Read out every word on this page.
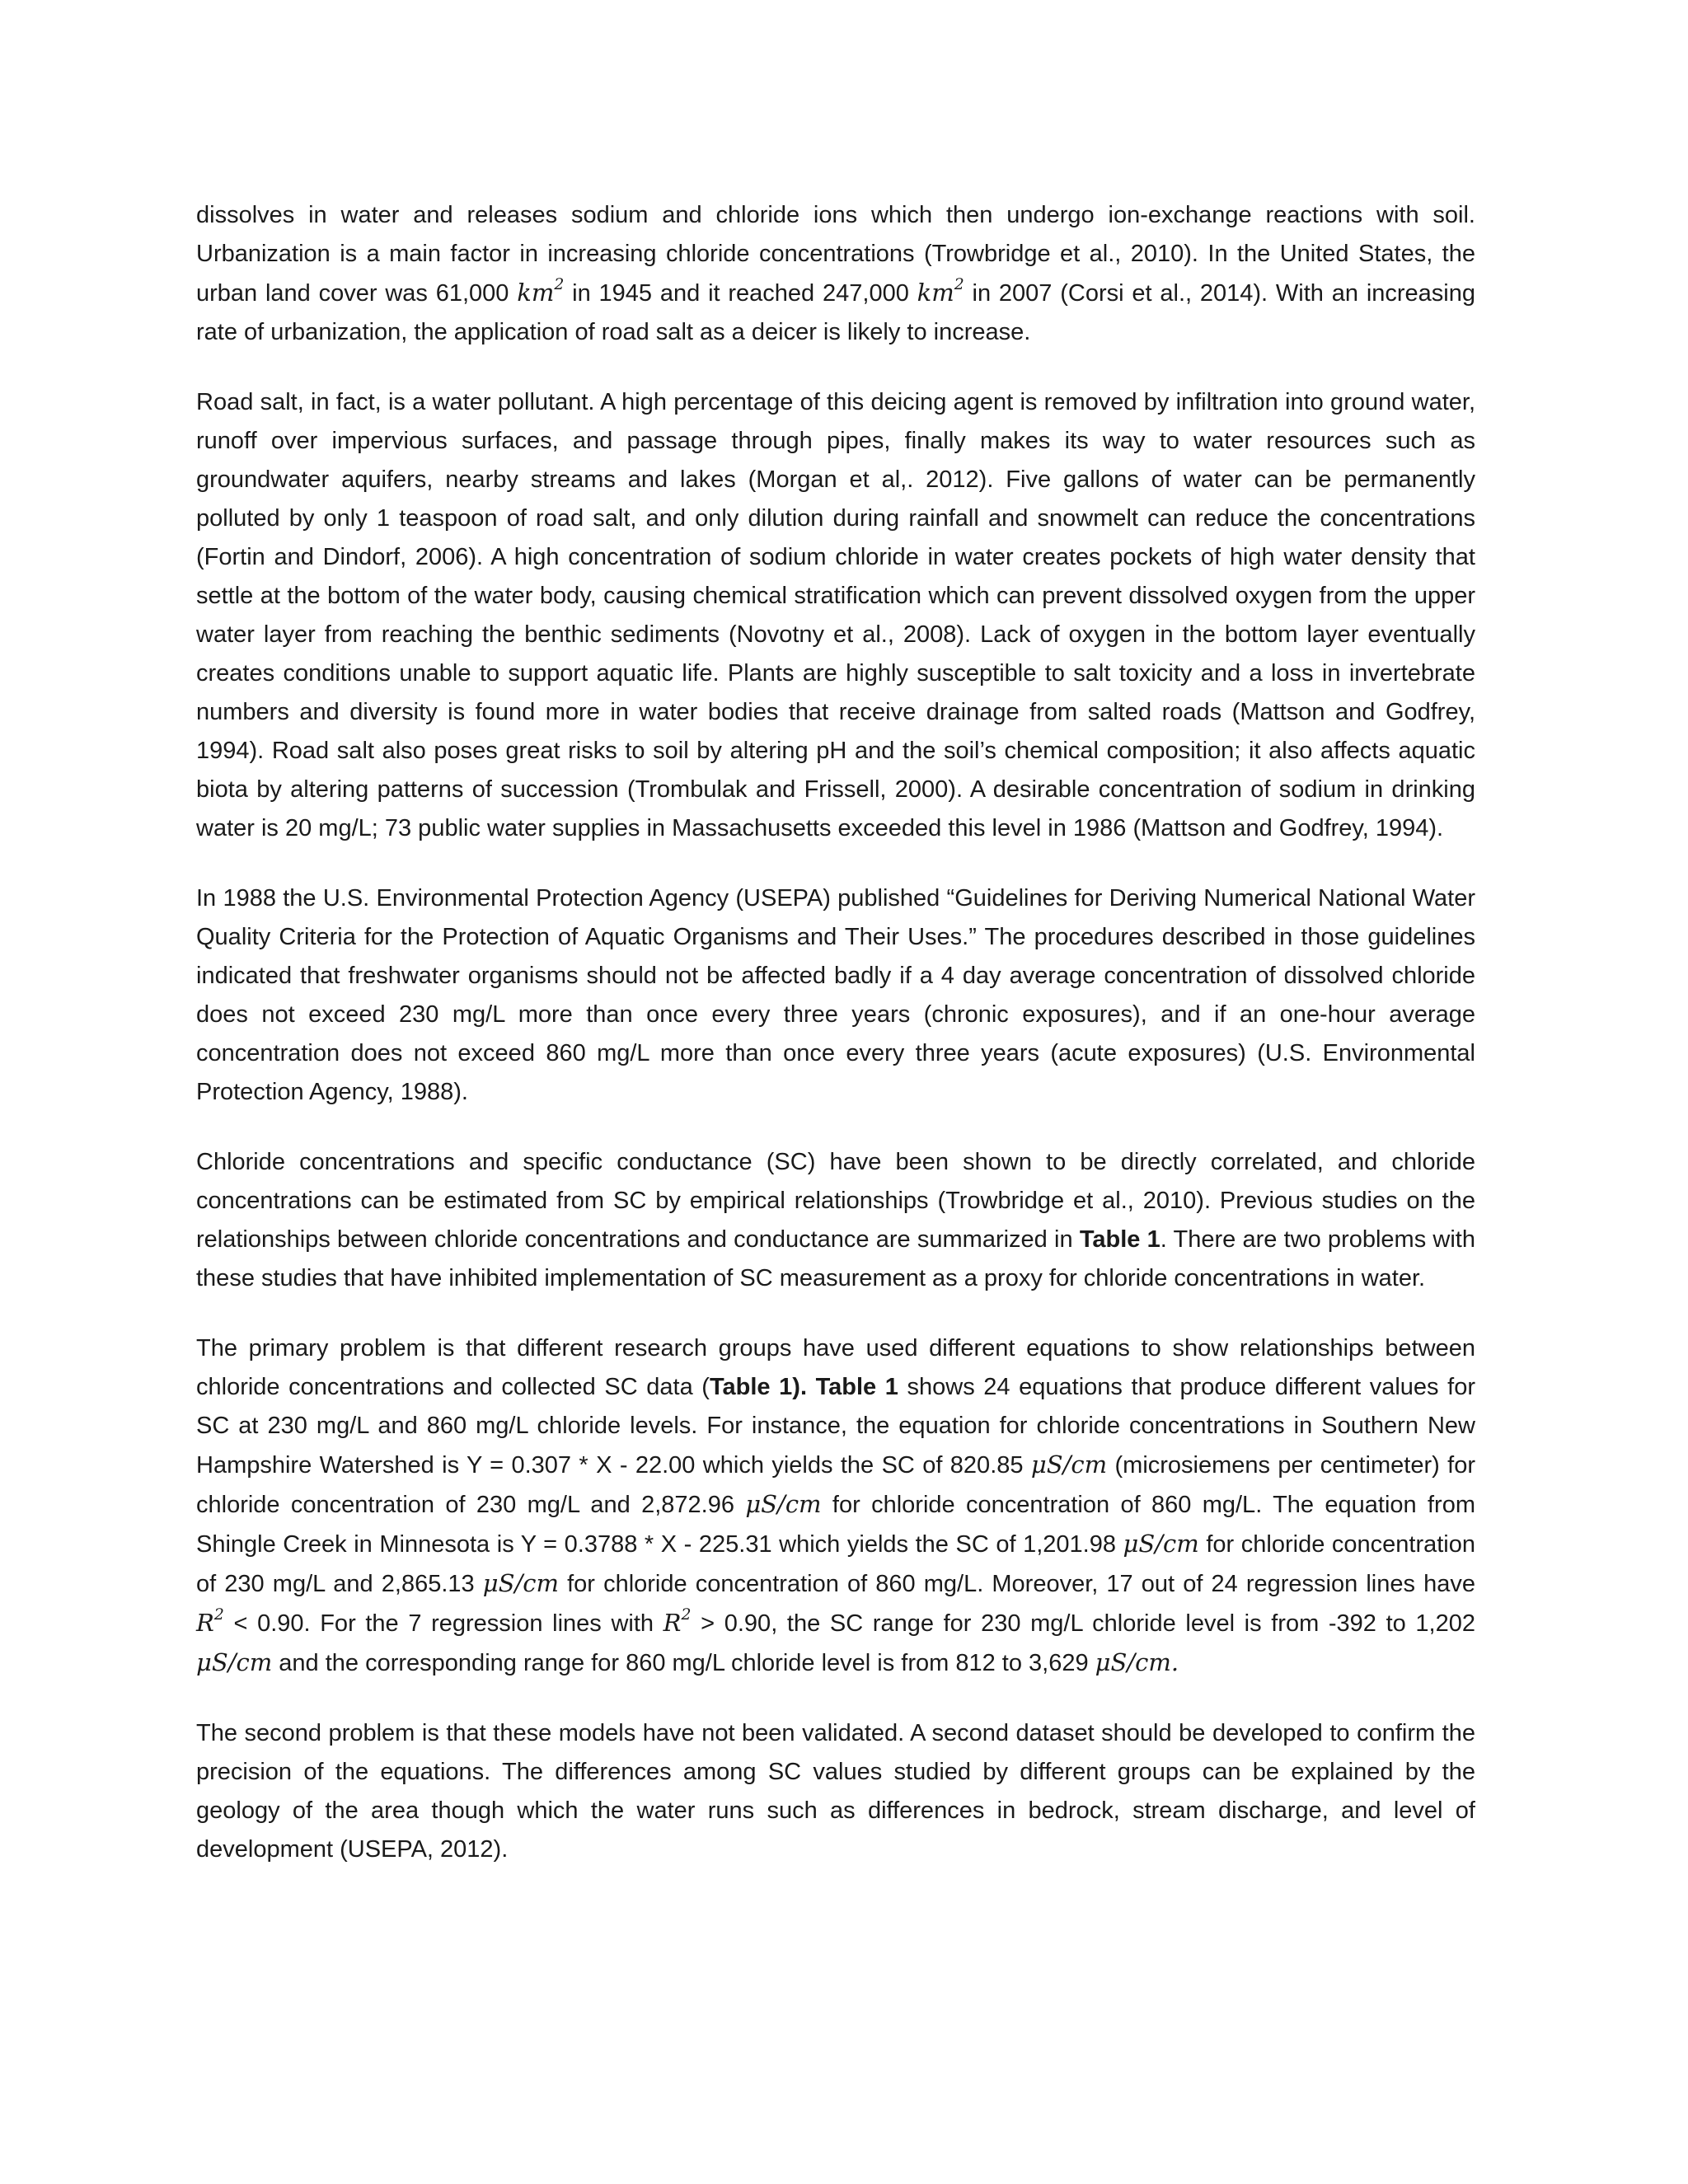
dissolves in water and releases sodium and chloride ions which then undergo ion-exchange reactions with soil. Urbanization is a main factor in increasing chloride concentrations (Trowbridge et al., 2010). In the United States, the urban land cover was 61,000 $km^2$ in 1945 and it reached 247,000 $km^2$ in 2007 (Corsi et al., 2014). With an increasing rate of urbanization, the application of road salt as a deicer is likely to increase.

Road salt, in fact, is a water pollutant. A high percentage of this deicing agent is removed by infiltration into ground water, runoff over impervious surfaces, and passage through pipes, finally makes its way to water resources such as groundwater aquifers, nearby streams and lakes (Morgan et al,. 2012). Five gallons of water can be permanently polluted by only 1 teaspoon of road salt, and only dilution during rainfall and snowmelt can reduce the concentrations (Fortin and Dindorf, 2006). A high concentration of sodium chloride in water creates pockets of high water density that settle at the bottom of the water body, causing chemical stratification which can prevent dissolved oxygen from the upper water layer from reaching the benthic sediments (Novotny et al., 2008). Lack of oxygen in the bottom layer eventually creates conditions unable to support aquatic life. Plants are highly susceptible to salt toxicity and a loss in invertebrate numbers and diversity is found more in water bodies that receive drainage from salted roads (Mattson and Godfrey, 1994). Road salt also poses great risks to soil by altering pH and the soil’s chemical composition; it also affects aquatic biota by altering patterns of succession (Trombulak and Frissell, 2000). A desirable concentration of sodium in drinking water is 20 mg/L; 73 public water supplies in Massachusetts exceeded this level in 1986 (Mattson and Godfrey, 1994).

In 1988 the U.S. Environmental Protection Agency (USEPA) published “Guidelines for Deriving Numerical National Water Quality Criteria for the Protection of Aquatic Organisms and Their Uses.” The procedures described in those guidelines indicated that freshwater organisms should not be affected badly if a 4 day average concentration of dissolved chloride does not exceed 230 mg/L more than once every three years (chronic exposures), and if an one-hour average concentration does not exceed 860 mg/L more than once every three years (acute exposures) (U.S. Environmental Protection Agency, 1988).

Chloride concentrations and specific conductance (SC) have been shown to be directly correlated, and chloride concentrations can be estimated from SC by empirical relationships (Trowbridge et al., 2010). Previous studies on the relationships between chloride concentrations and conductance are summarized in Table 1. There are two problems with these studies that have inhibited implementation of SC measurement as a proxy for chloride concentrations in water.

The primary problem is that different research groups have used different equations to show relationships between chloride concentrations and collected SC data (Table 1). Table 1 shows 24 equations that produce different values for SC at 230 mg/L and 860 mg/L chloride levels. For instance, the equation for chloride concentrations in Southern New Hampshire Watershed is Y = 0.307 * X - 22.00 which yields the SC of 820.85 μS/cm (microsiemens per centimeter) for chloride concentration of 230 mg/L and 2,872.96 μS/cm for chloride concentration of 860 mg/L. The equation from Shingle Creek in Minnesota is Y = 0.3788 * X - 225.31 which yields the SC of 1,201.98 μS/cm for chloride concentration of 230 mg/L and 2,865.13 μS/cm for chloride concentration of 860 mg/L. Moreover, 17 out of 24 regression lines have $R^2 < 0.90$. For the 7 regression lines with $R^2 > 0.90$, the SC range for 230 mg/L chloride level is from -392 to 1,202 μS/cm and the corresponding range for 860 mg/L chloride level is from 812 to 3,629 μS/cm.

The second problem is that these models have not been validated. A second dataset should be developed to confirm the precision of the equations. The differences among SC values studied by different groups can be explained by the geology of the area though which the water runs such as differences in bedrock, stream discharge, and level of development (USEPA, 2012).
